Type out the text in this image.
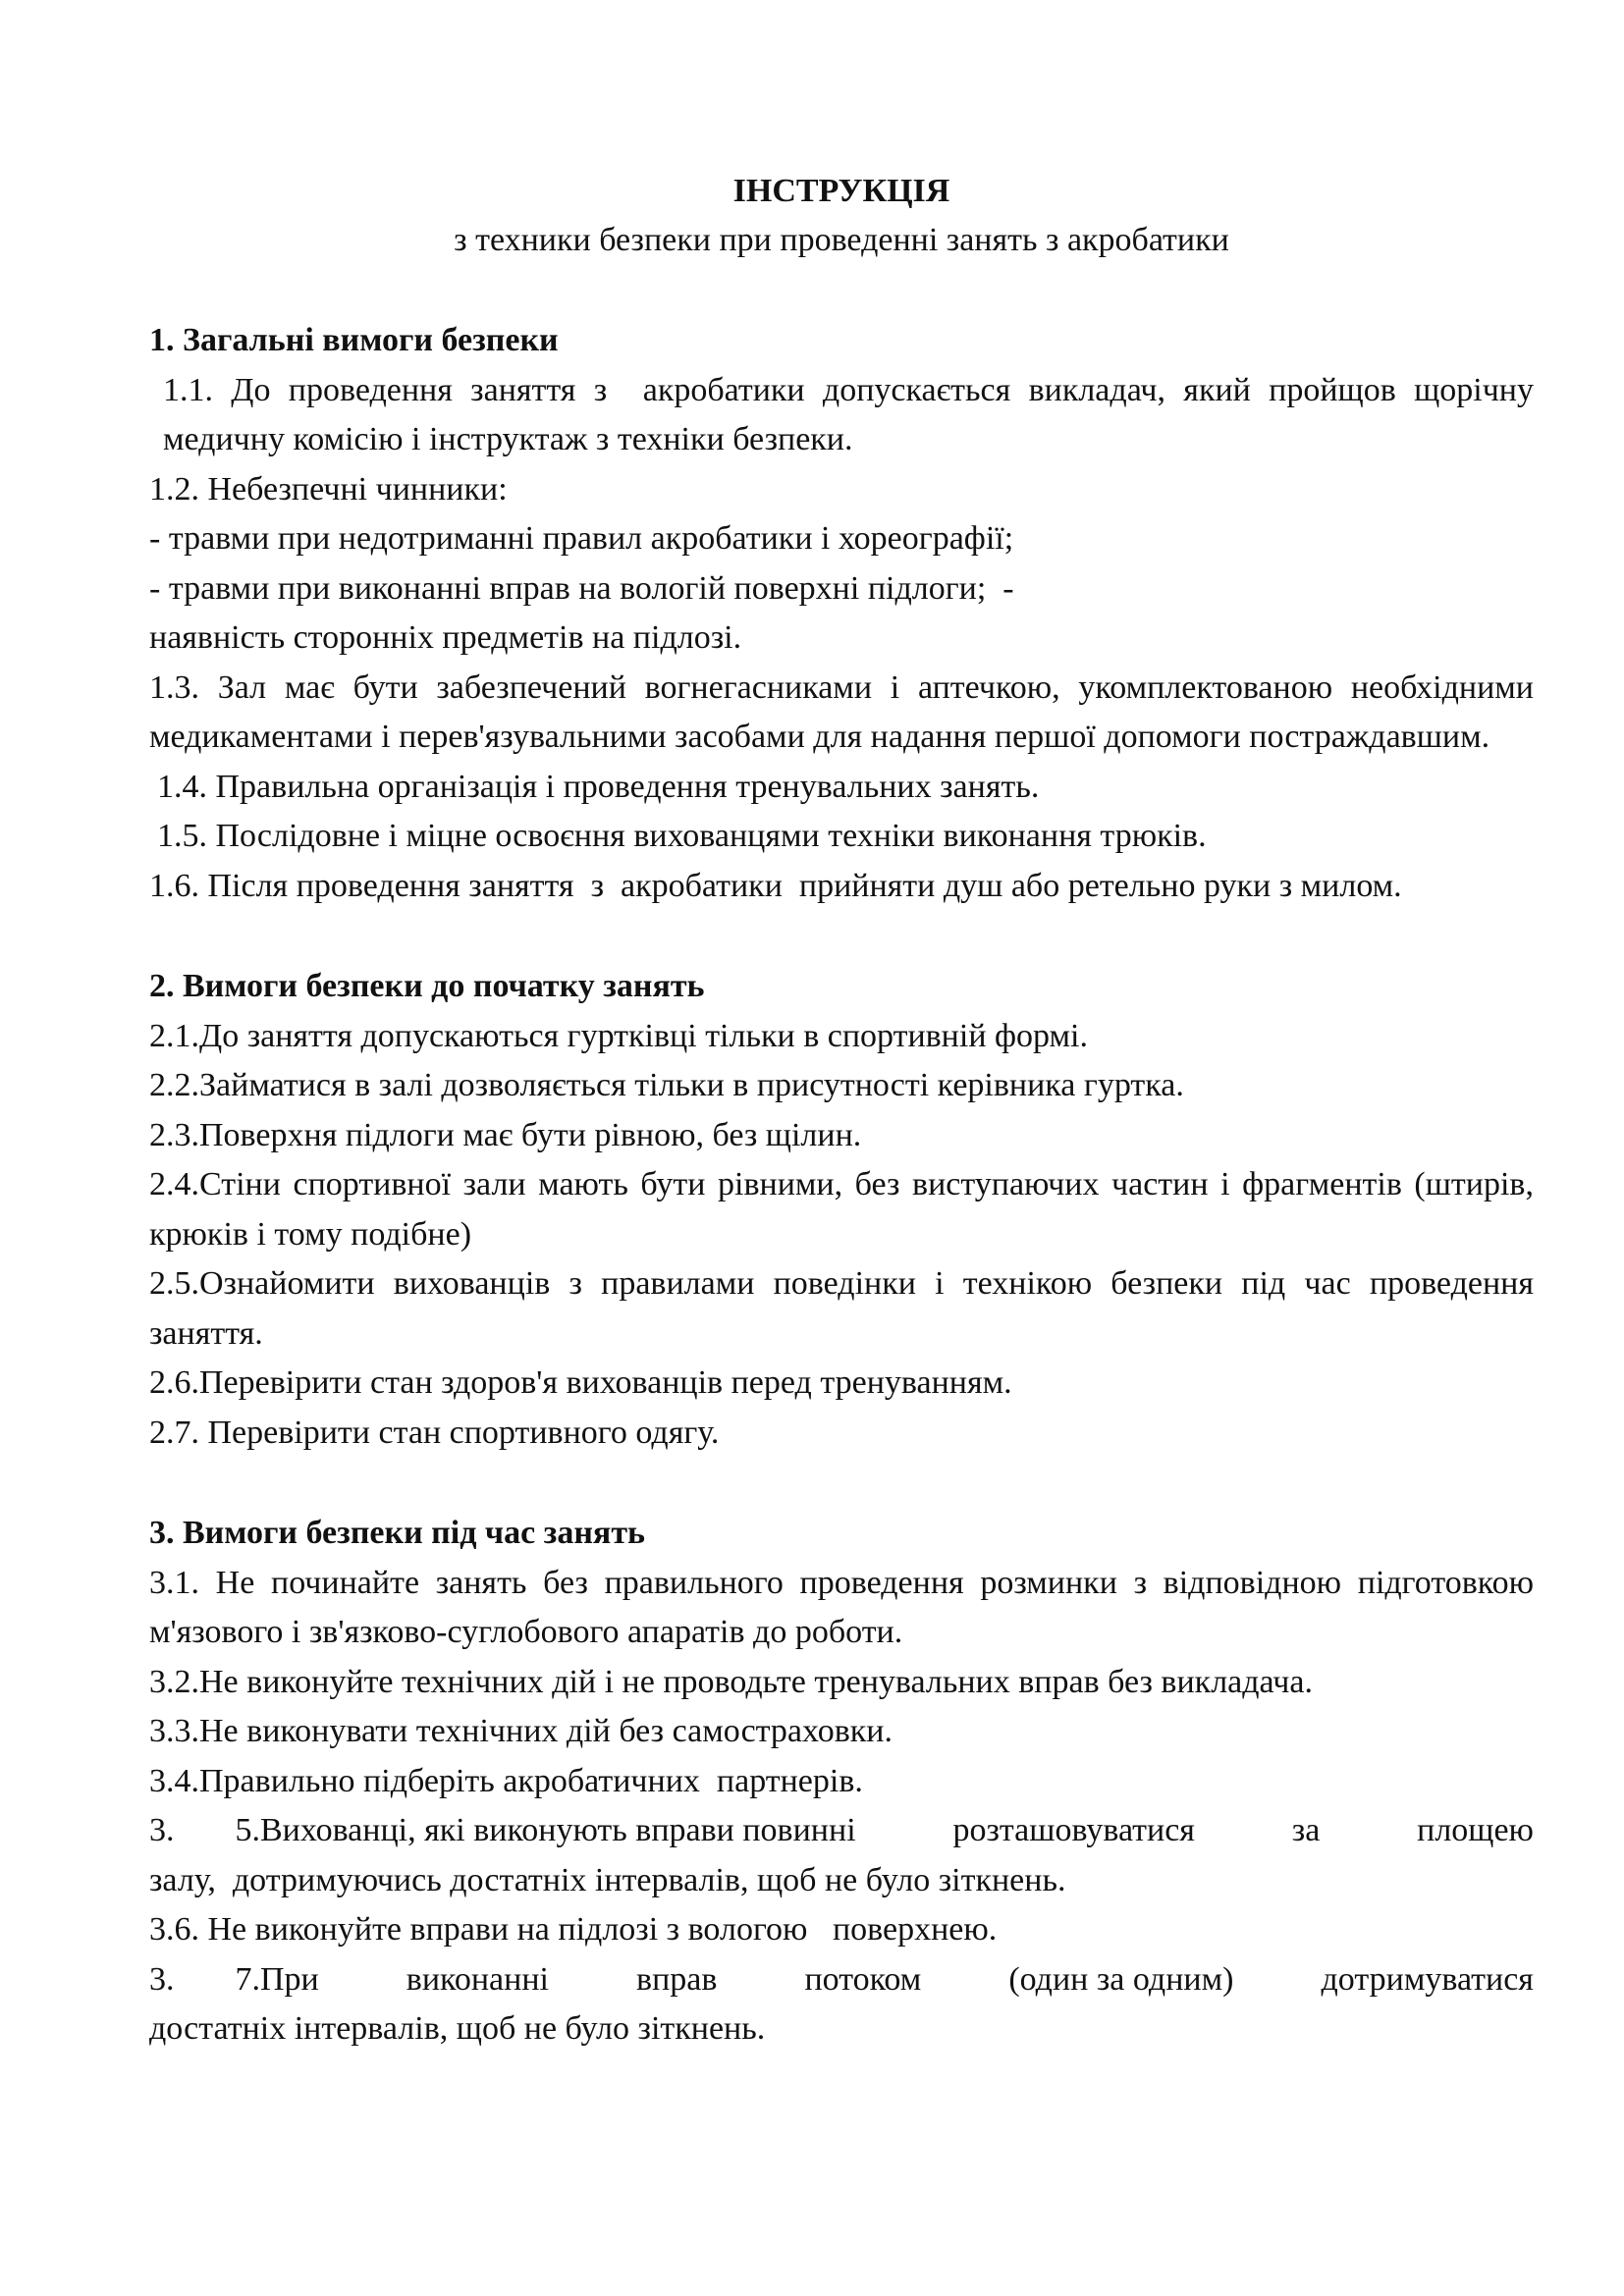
ІНСТРУКЦІЯ

з техники безпеки при проведенні занять з акробатики

1. Загальні вимоги безпеки

1.1. До проведення заняття з  акробатики допускається викладач, який пройщов щорічну медичну комісію і інструктаж з техніки безпеки.

1.2. Небезпечні чинники:

- травми при недотриманні правил акробатики і хореографії;

- травми при виконанні вправ на вологій поверхні підлоги;  -

наявність сторонніх предметів на підлозі.

1.3. Зал має бути забезпечений вогнегасниками і аптечкою, укомплектованою необхідними медикаментами і перев'язувальними засобами для надання першої допомоги постраждавшим.

1.4. Правильна організація і проведення тренувальних занять.

1.5. Послідовне і міцне освоєння вихованцями техніки виконання трюків.

1.6. Після проведення заняття  з  акробатики  прийняти душ або ретельно руки з милом.

2. Вимоги безпеки до початку занять

2.1.До заняття допускаються гуртківці тільки в спортивній формі.

2.2.Займатися в залі дозволяється тільки в присутності керівника гуртка.

2.3.Поверхня підлоги має бути рівною, без щілин.

2.4.Стіни спортивної зали мають бути рівними, без виступаючих частин і фрагментів (штирів, крюків і тому подібне)

2.5.Ознайомити вихованців з правилами поведінки і технікою безпеки під час проведення заняття.

2.6.Перевірити стан здоров'я вихованців перед тренуванням.

2.7. Перевірити стан спортивного одягу.

3. Вимоги безпеки під час занять

3.1. Не починайте занять без правильного проведення розминки з відповідною підготовкою   м'язового і зв'язково-суглобового апаратів до роботи.

3.2.Не виконуйте технічних дій і не проводьте тренувальних вправ без викладача.

3.3.Не виконувати технічних дій без самостраховки.

3.4.Правильно підберіть акробатичних  партнерів.

3. 5.Вихованці, які виконують вправи повинні	розташовуватися	за	площею

залу,  дотримуючись достатніх інтервалів, щоб не було зіткнень.

3.6. Не виконуйте вправи на підлозі з вологою   поверхнею.

3. 7.При	виконанні	вправ	потоком	(один за одним)	дотримуватися

достатніх інтервалів, щоб не було зіткнень.
